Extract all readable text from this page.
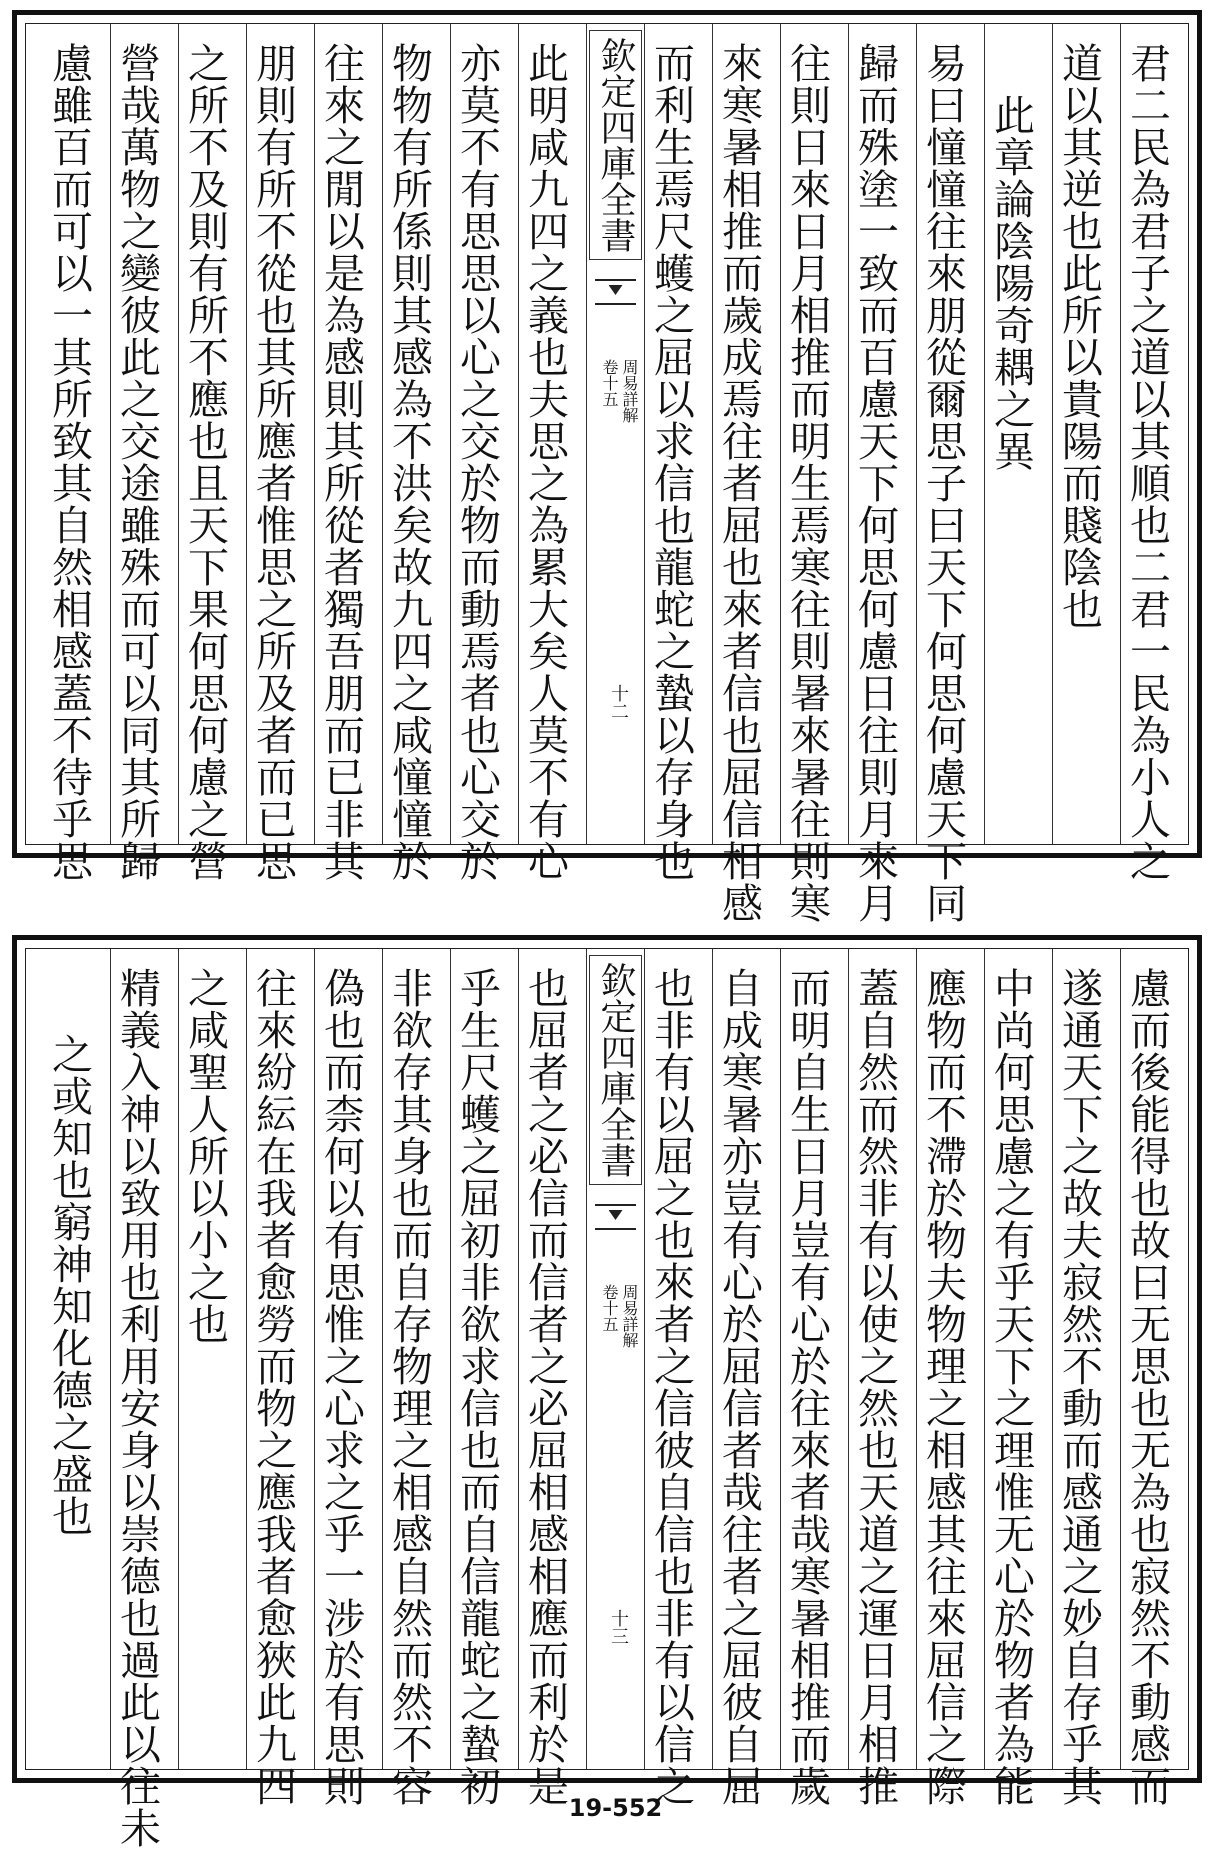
君二民為君子之道以其順也二君一民為小人之
道以其逆也此所以貴陽而賤陰也
此章論陰陽奇耦之異
易曰憧憧往來朋從爾思子曰天下何思何慮天下同
歸而殊塗一致而百慮天下何思何慮日往則月來月
往則日來日月相推而明生焉寒往則暑來暑往則寒
來寒暑相推而歲成焉往者屈也來者信也屈信相感
而利生焉尺蠖之屈以求信也龍蛇之蟄以存身也
欽定四庫全書
周易詳解
卷十五
十二
此明咸九四之義也夫思之為累大矣人莫不有心
亦莫不有思思以心之交於物而動焉者也心交於
物物有所係則其感為不洪矣故九四之咸憧憧於
往來之閒以是為感則其所從者獨吾朋而已非其
朋則有所不從也其所應者惟思之所及者而已思
之所不及則有所不應也且天下果何思何慮之營
營哉萬物之變彼此之交途雖殊而可以同其所歸
慮雖百而可以一其所致其自然相感蓋不待乎思
慮而後能得也故曰无思也无為也寂然不動感而
遂通天下之故夫寂然不動而感通之妙自存乎其
中尚何思慮之有乎天下之理惟无心於物者為能
應物而不滯於物夫物理之相感其往來屈信之際
蓋自然而然非有以使之然也天道之運日月相推
而明自生日月豈有心於往來者哉寒暑相推而歲
自成寒暑亦豈有心於屈信者哉往者之屈彼自屈
也非有以屈之也來者之信彼自信也非有以信之
欽定四庫全書
周易詳解
卷十五
十三
也屈者之必信而信者之必屈相感相應而利於是
乎生尺蠖之屈初非欲求信也而自信龍蛇之蟄初
非欲存其身也而自存物理之相感自然而然不容
偽也而柰何以有思惟之心求之乎一涉於有思則
往來紛紜在我者愈勞而物之應我者愈狹此九四
之咸聖人所以小之也
精義入神以致用也利用安身以崇德也過此以往未
之或知也窮神知化德之盛也
19-552
